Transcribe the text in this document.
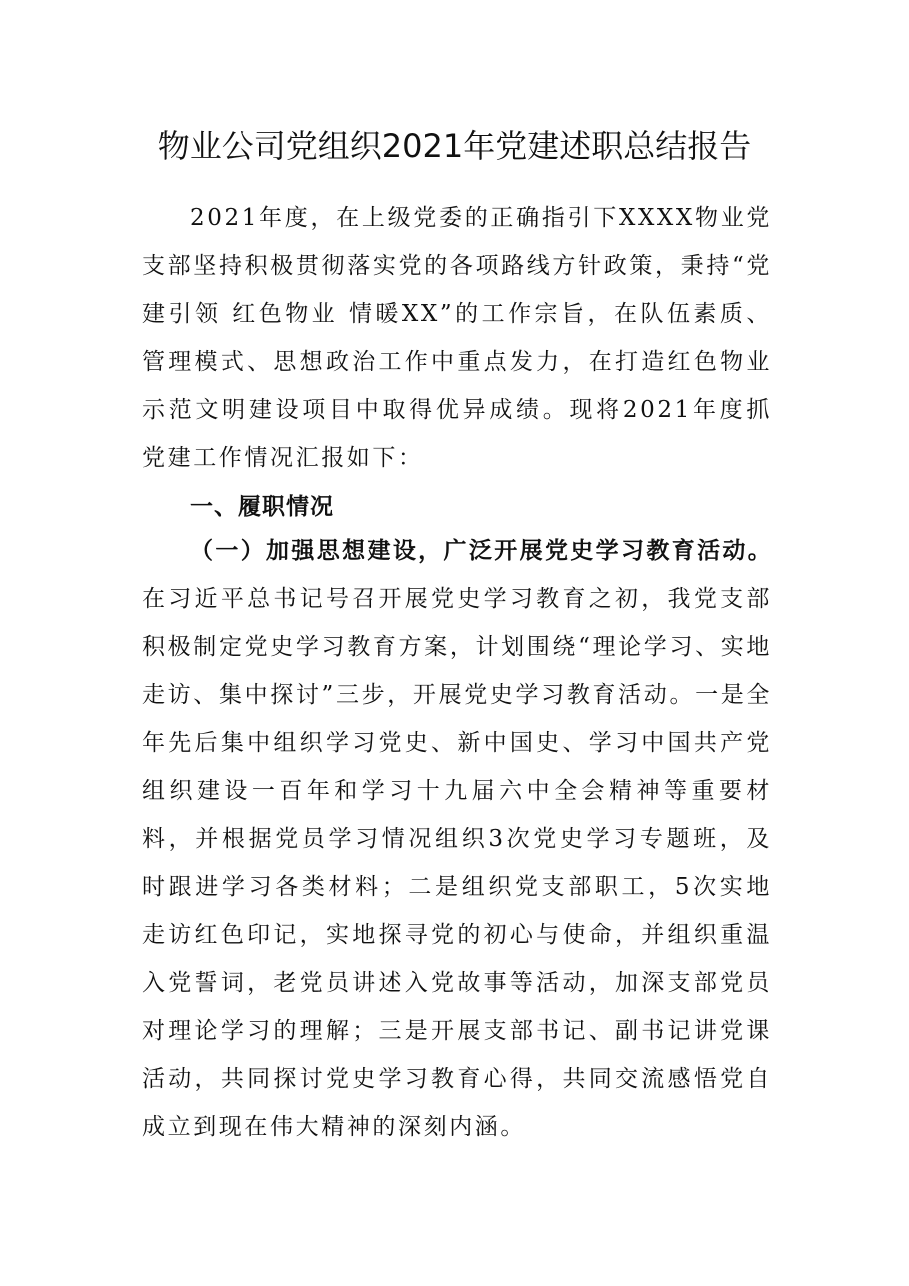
物业公司党组织2021年党建述职总结报告
2021年度，在上级党委的正确指引下XXXX物业党支部坚持积极贯彻落实党的各项路线方针政策，秉持“党建引领 红色物业 情暖XX”的工作宗旨，在队伍素质、管理模式、思想政治工作中重点发力，在打造红色物业示范文明建设项目中取得优异成绩。现将2021年度抓党建工作情况汇报如下：
一、履职情况
（一）加强思想建设，广泛开展党史学习教育活动。在习近平总书记号召开展党史学习教育之初，我党支部积极制定党史学习教育方案，计划围绕“理论学习、实地走访、集中探讨”三步，开展党史学习教育活动。一是全年先后集中组织学习党史、新中国史、学习中国共产党组织建设一百年和学习十九届六中全会精神等重要材料，并根据党员学习情况组织3次党史学习专题班，及时跟进学习各类材料；二是组织党支部职工，5次实地走访红色印记，实地探寻党的初心与使命，并组织重温入党誓词，老党员讲述入党故事等活动，加深支部党员对理论学习的理解；三是开展支部书记、副书记讲党课活动，共同探讨党史学习教育心得，共同交流感悟党自成立到现在伟大精神的深刻内涵。
